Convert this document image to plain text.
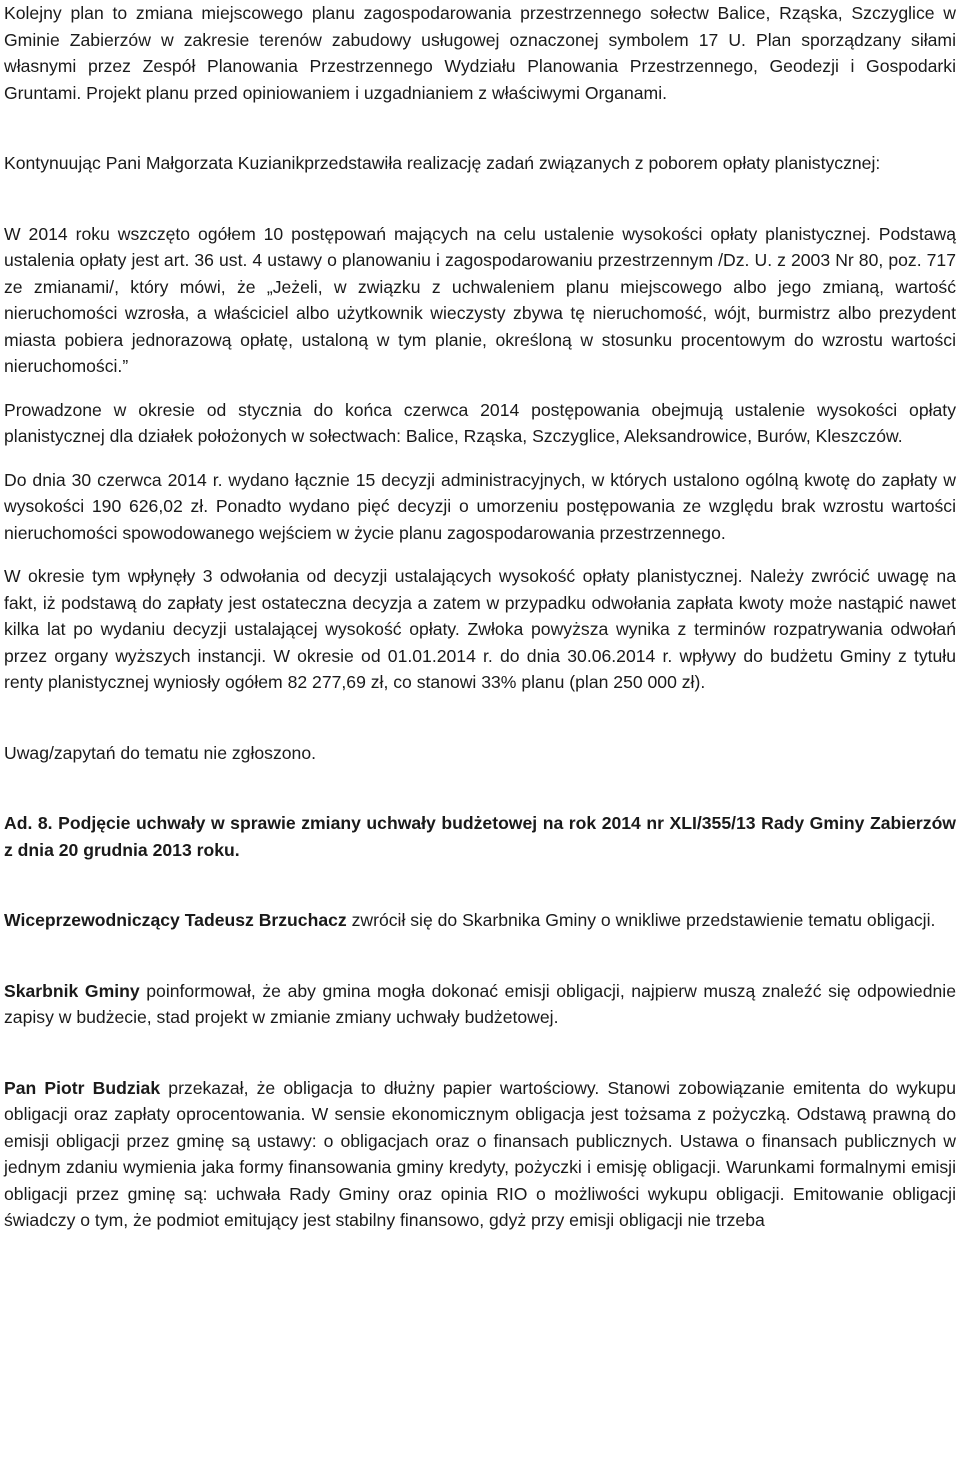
Kolejny plan to zmiana miejscowego planu zagospodarowania przestrzennego sołectw Balice, Rząska, Szczyglice w Gminie Zabierzów w zakresie terenów zabudowy usługowej oznaczonej symbolem 17 U. Plan sporządzany siłami własnymi przez Zespół Planowania Przestrzennego Wydziału Planowania Przestrzennego, Geodezji i Gospodarki Gruntami. Projekt planu przed opiniowaniem i uzgadnianiem z właściwymi Organami.

Kontynuując Pani Małgorzata Kuzianikprzedstawiła realizację zadań związanych z poborem opłaty planistycznej:

W 2014 roku wszczęto ogółem 10 postępowań mających na celu ustalenie wysokości opłaty planistycznej. Podstawą ustalenia opłaty jest art. 36 ust. 4 ustawy o planowaniu i zagospodarowaniu przestrzennym /Dz. U. z 2003 Nr 80, poz. 717 ze zmianami/, który mówi, że „Jeżeli, w związku z uchwaleniem planu miejscowego albo jego zmianą, wartość nieruchomości wzrosła, a właściciel albo użytkownik wieczysty zbywa tę nieruchomość, wójt, burmistrz albo prezydent miasta pobiera jednorazową opłatę, ustaloną w tym planie, określoną w stosunku procentowym do wzrostu wartości nieruchomości.”

Prowadzone w okresie od stycznia do końca czerwca 2014 postępowania obejmują ustalenie wysokości opłaty planistycznej dla działek położonych w sołectwach: Balice, Rząska, Szczyglice, Aleksandrowice, Burów, Kleszczów.

Do dnia 30 czerwca 2014 r. wydano łącznie 15 decyzji administracyjnych, w których ustalono ogólną kwotę do zapłaty w wysokości 190 626,02 zł. Ponadto wydano pięć decyzji o umorzeniu postępowania ze względu brak wzrostu wartości nieruchomości spowodowanego wejściem w życie planu zagospodarowania przestrzennego.

W okresie tym wpłynęły 3 odwołania od decyzji ustalających wysokość opłaty planistycznej. Należy zwrócić uwagę na fakt, iż podstawą do zapłaty jest ostateczna decyzja a zatem w przypadku odwołania zapłata kwoty może nastąpić nawet kilka lat po wydaniu decyzji ustalającej wysokość opłaty. Zwłoka powyższa wynika z terminów rozpatrywania odwołań przez organy wyższych instancji. W okresie od 01.01.2014 r. do dnia 30.06.2014 r. wpływy do budżetu Gminy z tytułu renty planistycznej wyniosły ogółem 82 277,69 zł, co stanowi 33% planu (plan 250 000 zł).

Uwag/zapytań do tematu nie zgłoszono.

Ad. 8. Podjęcie uchwały w sprawie zmiany uchwały budżetowej na rok 2014 nr XLI/355/13 Rady Gminy Zabierzów z dnia 20 grudnia 2013 roku.

Wiceprzewodniczący Tadeusz Brzuchacz zwrócił się do Skarbnika Gminy o wnikliwe przedstawienie tematu obligacji.

Skarbnik Gminy poinformował, że aby gmina mogła dokonać emisji obligacji, najpierw muszą znaleźć się odpowiednie zapisy w budżecie, stad projekt w zmianie zmiany uchwały budżetowej.

Pan Piotr Budziak przekazał, że obligacja to dłużny papier wartościowy. Stanowi zobowiązanie emitenta do wykupu obligacji oraz zapłaty oprocentowania. W sensie ekonomicznym obligacja jest tożsama z pożyczką. Odstawą prawną do emisji obligacji przez gminę są ustawy: o obligacjach oraz o finansach publicznych. Ustawa o finansach publicznych w jednym zdaniu wymienia jaka formy finansowania gminy kredyty, pożyczki i emisję obligacji. Warunkami formalnymi emisji obligacji przez gminę są: uchwała Rady Gminy oraz opinia RIO o możliwości wykupu obligacji. Emitowanie obligacji świadczy o tym, że podmiot emitujący jest stabilny finansowo, gdyż przy emisji obligacji nie trzeba
